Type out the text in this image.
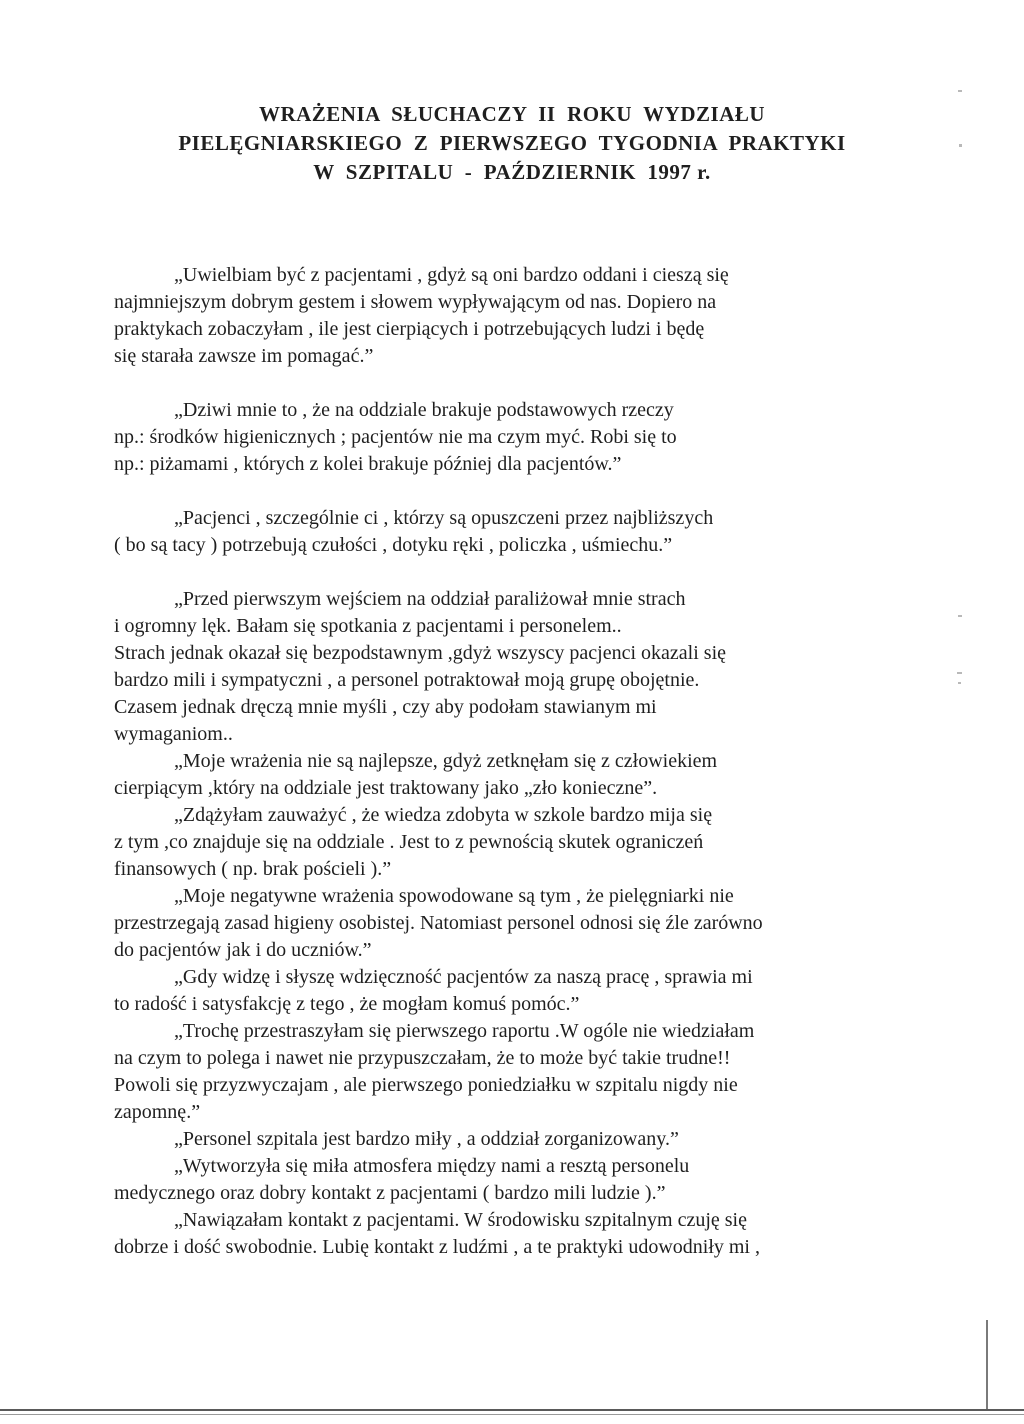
WRAŻENIA  SŁUCHACZY  II  ROKU  WYDZIAŁU
PIELĘGNIARSKIEGO  Z  PIERWSZEGO  TYGODNIA  PRAKTYKI
W  SZPITALU  -  PAŹDZIERNIK  1997 r.
„Uwielbiam być z pacjentami , gdyż są oni bardzo oddani i cieszą się
najmniejszym dobrym gestem i słowem wypływającym od nas. Dopiero na
praktykach zobaczyłam , ile jest cierpiących i potrzebujących ludzi i będę
się starała zawsze im pomagać.”
„Dziwi mnie to , że na oddziale brakuje podstawowych rzeczy
np.: środków higienicznych ; pacjentów nie ma czym myć. Robi się to
np.: piżamami , których z kolei brakuje później dla pacjentów.”
„Pacjenci , szczególnie ci , którzy są opuszczeni przez najbliższych
( bo są tacy ) potrzebują czułości , dotyku ręki , policzka , uśmiechu.”
„Przed pierwszym wejściem na oddział paraliżował mnie strach
i ogromny lęk. Bałam się spotkania z pacjentami i personelem..
Strach jednak okazał się bezpodstawnym ,gdyż wszyscy pacjenci okazali się
bardzo mili i sympatyczni , a personel potraktował moją grupę obojętnie.
Czasem jednak dręczą mnie myśli , czy aby podołam stawianym mi
wymaganiom..
„Moje wrażenia nie są najlepsze, gdyż zetknęłam się z człowiekiem
cierpiącym ,który na oddziale jest traktowany jako „zło konieczne”.
„Zdążyłam zauważyć , że wiedza zdobyta w szkole bardzo mija się
z tym ,co znajduje się na oddziale . Jest to z pewnością skutek ograniczeń
finansowych ( np. brak pościeli ).”
„Moje negatywne wrażenia spowodowane są tym , że pielęgniarki nie
przestrzegają zasad higieny osobistej. Natomiast personel odnosi się źle zarówno
do pacjentów jak i do uczniów.”
„Gdy widzę i słyszę wdzięczność pacjentów za naszą pracę , sprawia mi
to radość i satysfakcję z tego , że mogłam komuś pomóc.”
„Trochę przestraszyłam się pierwszego raportu .W ogóle nie wiedziałam
na czym to polega i nawet nie przypuszczałam, że to może być takie trudne!!
Powoli się przyzwyczajam , ale pierwszego poniedziałku w szpitalu nigdy nie
zapomnę.”
„Personel szpitala jest bardzo miły , a oddział zorganizowany.”
„Wytworzyła się miła atmosfera między nami a resztą personelu
medycznego oraz dobry kontakt z pacjentami ( bardzo mili ludzie ).”
„Nawiązałam kontakt z pacjentami. W środowisku szpitalnym czuję się
dobrze i dość swobodnie. Lubię kontakt z ludźmi , a te praktyki udowodniły mi ,
